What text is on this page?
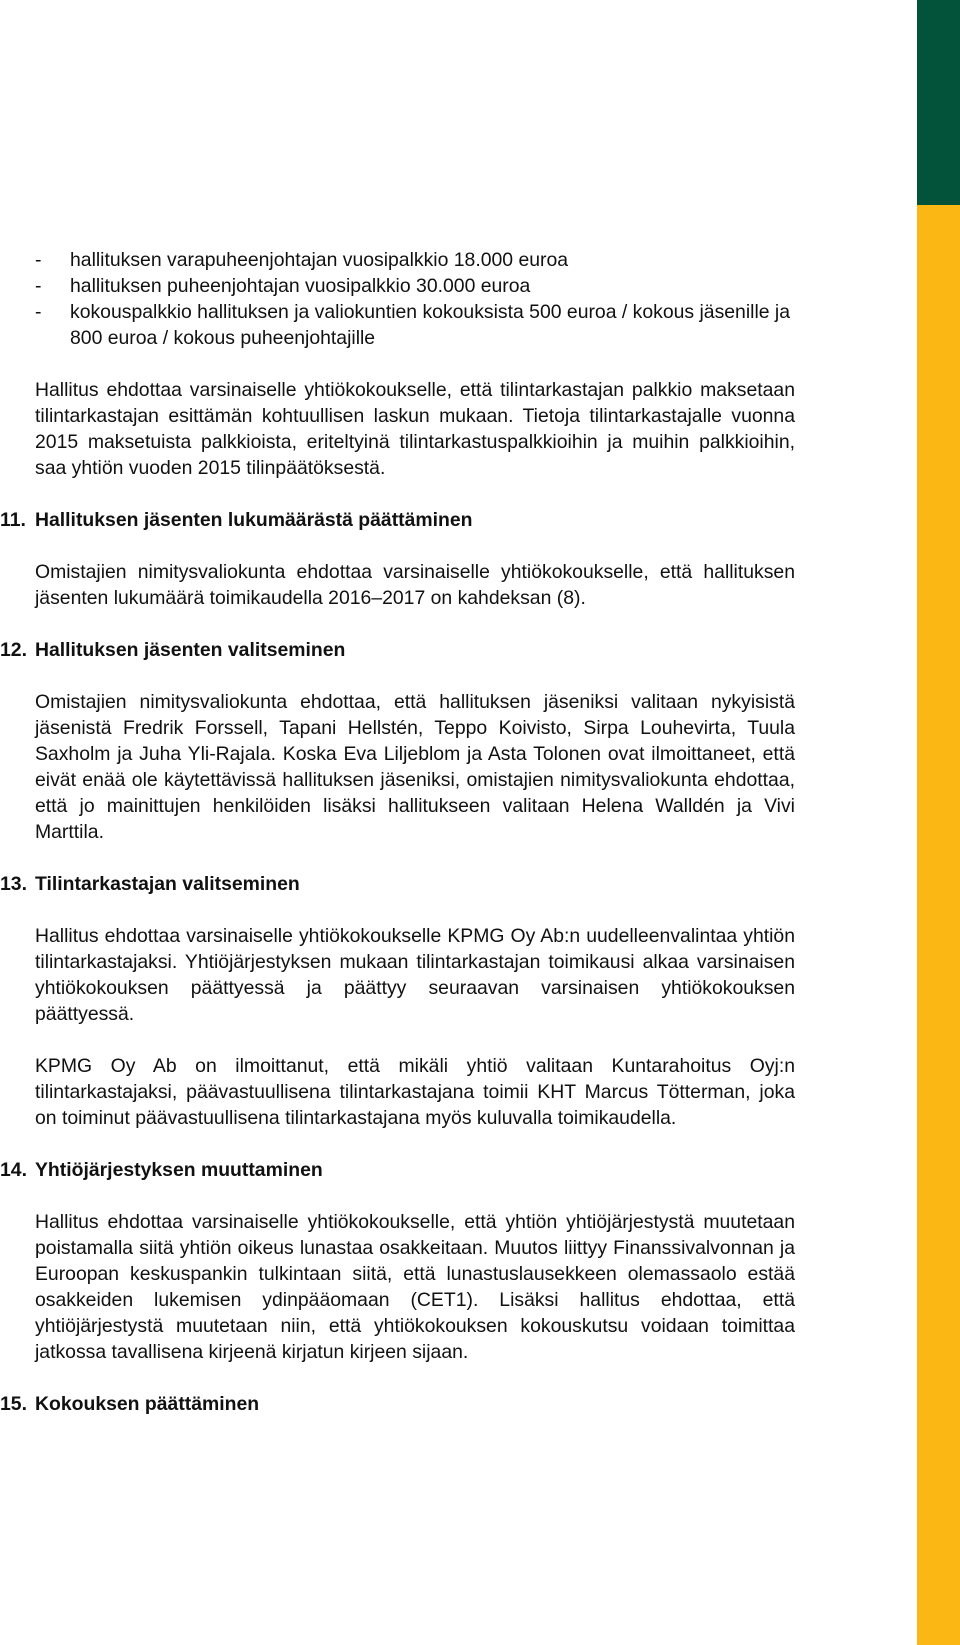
- hallituksen varapuheenjohtajan vuosipalkkio 18.000 euroa
- hallituksen puheenjohtajan vuosipalkkio 30.000 euroa
- kokouspalkkio hallituksen ja valiokuntien kokouksista 500 euroa / kokous jäsenille ja 800 euroa / kokous puheenjohtajille

Hallitus ehdottaa varsinaiselle yhtiökokoukselle, että tilintarkastajan palkkio maksetaan tilintarkastajan esittämän kohtuullisen laskun mukaan. Tietoja tilintarkastajalle vuonna 2015 maksetuista palkkioista, eriteltyinä tilintarkastuspalkkioihin ja muihin palkkioihin, saa yhtiön vuoden 2015 tilinpäätöksestä.

11. Hallituksen jäsenten lukumäärästä päättäminen

Omistajien nimitysvaliokunta ehdottaa varsinaiselle yhtiökokoukselle, että hallituksen jäsenten lukumäärä toimikaudella 2016–2017 on kahdeksan (8).

12. Hallituksen jäsenten valitseminen

Omistajien nimitysvaliokunta ehdottaa, että hallituksen jäseniksi valitaan nykyisistä jäsenistä Fredrik Forssell, Tapani Hellstén, Teppo Koivisto, Sirpa Louhevirta, Tuula Saxholm ja Juha Yli-Rajala. Koska Eva Liljeblom ja Asta Tolonen ovat ilmoittaneet, että eivät enää ole käytettävissä hallituksen jäseniksi, omistajien nimitysvaliokunta ehdottaa, että jo mainittujen henkilöiden lisäksi hallitukseen valitaan Helena Walldén ja Vivi Marttila.

13. Tilintarkastajan valitseminen

Hallitus ehdottaa varsinaiselle yhtiökokoukselle KPMG Oy Ab:n uudelleenvalintaa yhtiön tilintarkastajaksi. Yhtiöjärjestyksen mukaan tilintarkastajan toimikausi alkaa varsinaisen yhtiökokouksen päättyessä ja päättyy seuraavan varsinaisen yhtiökokouksen päättyessä.

KPMG Oy Ab on ilmoittanut, että mikäli yhtiö valitaan Kuntarahoitus Oyj:n tilintarkastajaksi, päävastuullisena tilintarkastajana toimii KHT Marcus Tötterman, joka on toiminut päävastuullisena tilintarkastajana myös kuluvalla toimikaudella.

14. Yhtiöjärjestyksen muuttaminen

Hallitus ehdottaa varsinaiselle yhtiökokoukselle, että yhtiön yhtiöjärjestystä muutetaan poistamalla siitä yhtiön oikeus lunastaa osakkeitaan. Muutos liittyy Finanssivalvonnan ja Euroopan keskuspankin tulkintaan siitä, että lunastuslausekkeen olemassaolo estää osakkeiden lukemisen ydinpääomaan (CET1). Lisäksi hallitus ehdottaa, että yhtiöjärjestystä muutetaan niin, että yhtiökokouksen kokouskutsu voidaan toimittaa jatkossa tavallisena kirjeenä kirjatun kirjeen sijaan.

15. Kokouksen päättäminen
